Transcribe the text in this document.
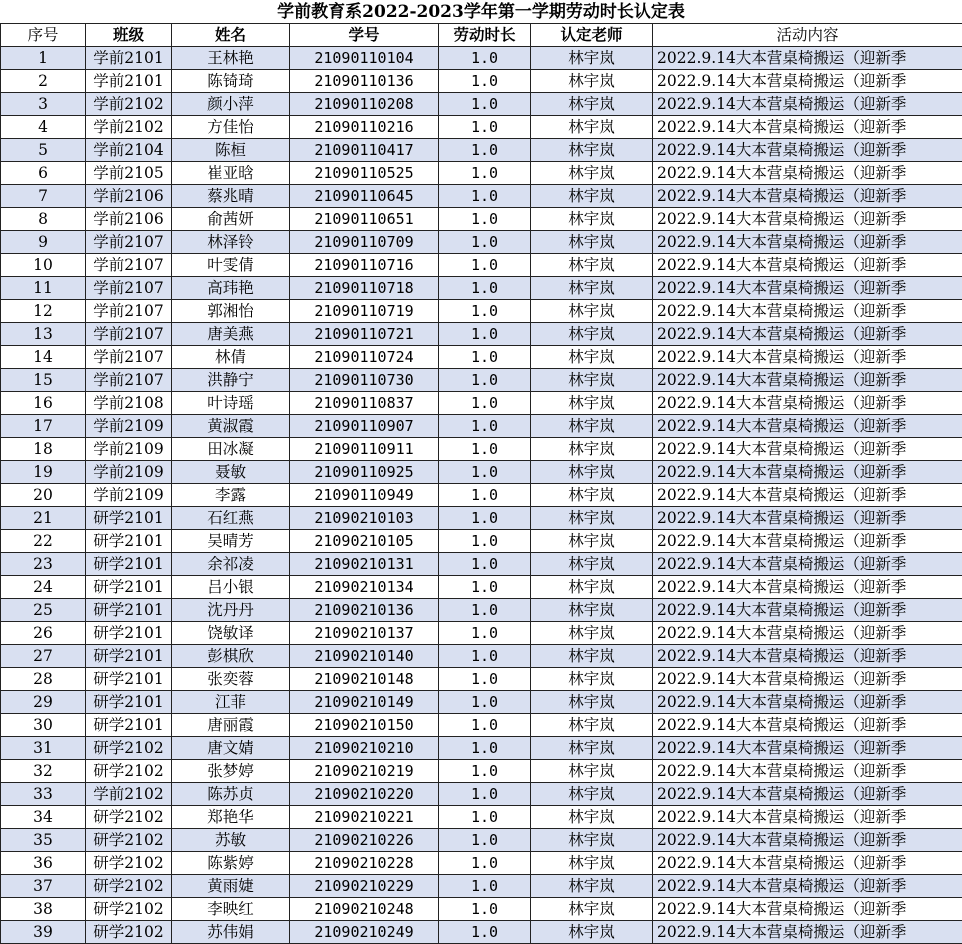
学前教育系2022-2023学年第一学期劳动时长认定表
序号	班级	姓名	学号	劳动时长	认定老师	活动内容
1	学前2101	王林艳	21090110104	1.0	林宇岚	2022.9.14大本营桌椅搬运（迎新季
2	学前2101	陈锜琦	21090110136	1.0	林宇岚	2022.9.14大本营桌椅搬运（迎新季
3	学前2102	颜小萍	21090110208	1.0	林宇岚	2022.9.14大本营桌椅搬运（迎新季
4	学前2102	方佳怡	21090110216	1.0	林宇岚	2022.9.14大本营桌椅搬运（迎新季
5	学前2104	陈桓	21090110417	1.0	林宇岚	2022.9.14大本营桌椅搬运（迎新季
6	学前2105	崔亚晗	21090110525	1.0	林宇岚	2022.9.14大本营桌椅搬运（迎新季
7	学前2106	蔡兆晴	21090110645	1.0	林宇岚	2022.9.14大本营桌椅搬运（迎新季
8	学前2106	俞茜妍	21090110651	1.0	林宇岚	2022.9.14大本营桌椅搬运（迎新季
9	学前2107	林泽铃	21090110709	1.0	林宇岚	2022.9.14大本营桌椅搬运（迎新季
10	学前2107	叶雯倩	21090110716	1.0	林宇岚	2022.9.14大本营桌椅搬运（迎新季
11	学前2107	高玮艳	21090110718	1.0	林宇岚	2022.9.14大本营桌椅搬运（迎新季
12	学前2107	郭湘怡	21090110719	1.0	林宇岚	2022.9.14大本营桌椅搬运（迎新季
13	学前2107	唐美燕	21090110721	1.0	林宇岚	2022.9.14大本营桌椅搬运（迎新季
14	学前2107	林倩	21090110724	1.0	林宇岚	2022.9.14大本营桌椅搬运（迎新季
15	学前2107	洪静宁	21090110730	1.0	林宇岚	2022.9.14大本营桌椅搬运（迎新季
16	学前2108	叶诗瑶	21090110837	1.0	林宇岚	2022.9.14大本营桌椅搬运（迎新季
17	学前2109	黄淑霞	21090110907	1.0	林宇岚	2022.9.14大本营桌椅搬运（迎新季
18	学前2109	田冰凝	21090110911	1.0	林宇岚	2022.9.14大本营桌椅搬运（迎新季
19	学前2109	聂敏	21090110925	1.0	林宇岚	2022.9.14大本营桌椅搬运（迎新季
20	学前2109	李露	21090110949	1.0	林宇岚	2022.9.14大本营桌椅搬运（迎新季
21	研学2101	石红燕	21090210103	1.0	林宇岚	2022.9.14大本营桌椅搬运（迎新季
22	研学2101	吴晴芳	21090210105	1.0	林宇岚	2022.9.14大本营桌椅搬运（迎新季
23	研学2101	余祁凌	21090210131	1.0	林宇岚	2022.9.14大本营桌椅搬运（迎新季
24	研学2101	吕小银	21090210134	1.0	林宇岚	2022.9.14大本营桌椅搬运（迎新季
25	研学2101	沈丹丹	21090210136	1.0	林宇岚	2022.9.14大本营桌椅搬运（迎新季
26	研学2101	饶敏译	21090210137	1.0	林宇岚	2022.9.14大本营桌椅搬运（迎新季
27	研学2101	彭棋欣	21090210140	1.0	林宇岚	2022.9.14大本营桌椅搬运（迎新季
28	研学2101	张奕蓉	21090210148	1.0	林宇岚	2022.9.14大本营桌椅搬运（迎新季
29	研学2101	江菲	21090210149	1.0	林宇岚	2022.9.14大本营桌椅搬运（迎新季
30	研学2101	唐丽霞	21090210150	1.0	林宇岚	2022.9.14大本营桌椅搬运（迎新季
31	研学2102	唐文婧	21090210210	1.0	林宇岚	2022.9.14大本营桌椅搬运（迎新季
32	研学2102	张梦婷	21090210219	1.0	林宇岚	2022.9.14大本营桌椅搬运（迎新季
33	学前2102	陈苏贞	21090210220	1.0	林宇岚	2022.9.14大本营桌椅搬运（迎新季
34	研学2102	郑艳华	21090210221	1.0	林宇岚	2022.9.14大本营桌椅搬运（迎新季
35	研学2102	苏敏	21090210226	1.0	林宇岚	2022.9.14大本营桌椅搬运（迎新季
36	研学2102	陈紫婷	21090210228	1.0	林宇岚	2022.9.14大本营桌椅搬运（迎新季
37	研学2102	黄雨婕	21090210229	1.0	林宇岚	2022.9.14大本营桌椅搬运（迎新季
38	研学2102	李映红	21090210248	1.0	林宇岚	2022.9.14大本营桌椅搬运（迎新季
39	研学2102	苏伟娟	21090210249	1.0	林宇岚	2022.9.14大本营桌椅搬运（迎新季
